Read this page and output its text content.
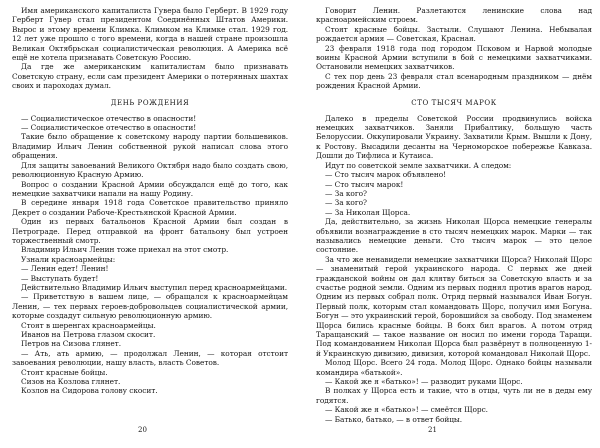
Имя американского капиталиста Гувера было Герберт. В 1929 году Герберт Гувер стал президентом Соединённых Штатов Америки. Вырос и этому времени Климка. Климком на Климке стал. 1929 год. 12 лет уже прошло с того времени, когда в нашей стране произошла Великая Октябрьская социалистическая революция. А Америка всё ещё не хотела признавать Советскую Россию.

Да где же американским капиталистам было признавать Советскую страну, если сам президент Америки о потерянных шахтах своих и пароходах думал.

ДЕНЬ РОЖДЕНИЯ

— Социалистическое отечество в опасности!

— Социалистическое отечество в опасности!

Такие было обращение к советскому народу партии большевиков. Владимир Ильич Ленин собственной рукой написал слова этого обращения.

Для защиты завоеваний Великого Октября надо было создать свою, революционную Красную Армию.

Вопрос о создании Красной Армии обсуждался ещё до того, как немецкие захватчики напали на нашу Родину.

В середине января 1918 года Советское правительство приняло Декрет о создании Рабоче-Крестьянской Красной Армии.

Один из первых батальонов Красной Армии был создан в Петрограде. Перед отправкой на фронт батальону был устроен торжественный смотр.

Владимир Ильич Ленин тоже приехал на этот смотр.

Узнали красноармейцы:

— Ленин едет! Ленин!

— Выступать будет!

Действительно Владимир Ильич выступил перед красноармейцами.

— Приветствую в вашем лице, — обращался к красноармейцам Ленин, — тех первых героев-добровольцев социалистической армии, которые создадут сильную революционную армию.

Стоят в шеренгах красноармейцы.

Иванов на Петрова глазом скосит.

Петров на Сизова глянет.

— Ать, ать армию, — продолжал Ленин, — которая отстоит завоевания революции, нашу власть, власть Советов.

Стоят красные бойцы.

Сизов на Козлова глянет.

Козлов на Сидорова голову скосит.

Говорит Ленин. Разлетаются ленинские слова над красноармейским строем.

Стоят красные бойцы. Застыли. Слушают Ленина. Небывалая рождается армия — Советская, Красная.

23 февраля 1918 года под городом Псковом и Нарвой молодые воины Красной Армии вступили в бой с немецкими захватчиками. Остановили немецких захватчиков.

С тех пор день 23 февраля стал всенародным праздником — днём рождения Красной Армии.

СТО ТЫСЯЧ МАРОК

Далеко в пределы Советской России продвинулись войска немецких захватчиков. Заняли Прибалтику, большую часть Белоруссии. Оккупировали Украину. Захватили Крым. Вышли к Дону, к Ростову. Высадили десанты на Черноморское побережье Кавказа. Дошли до Тифлиса и Кутаиса.

Идут по советской земле захватчики. А следом:

— Сто тысяч марок объявлено!

— Сто тысяч марок!

— За кого?

— За кого?

— За Николая Щорса.

Да, действительно, за жизнь Николая Щорса немецкие генералы объявили вознаграждение в сто тысяч немецких марок. Марки — так назывались немецкие деньги. Сто тысяч марок — это целое состояние.

За что же ненавидели немецкие захватчики Щорса? Николай Щорс — знаменитый герой украинского народа. С первых же дней гражданской войны он дал клятву биться за Советскую власть и за счастье родной земли. Одним из первых поднял против врагов народ. Одним из первых собрал полк. Отряд первый назывался Иван Богун. Первый полк, которым стал командовать Щорс, получил имя Богуна. Богун — это украинский герой, боровшийся за свободу. Под знаменем Щорса бились красные бойцы. В боях бил врагов. А потом отряд Таращанский — такое название он носил по имени города Таращи. Под командованием Николая Щорса был развёрнут в полноценную 1-й Украинскую дивизию, дивизия, которой командовал Николай Щорс.

Молод Щорс. Всего 24 года. Молод Щорс. Однако бойцы называли командира «батькой».

— Какой же я «батько»! — разводит руками Щорс.

В полках у Щорса есть и такие, что в отцы, чуть ли не в деды ему годятся.

— Какой же я «батько»! — смеётся Щорс.

— Батько, батько, — в ответ бойцы.

20	21
